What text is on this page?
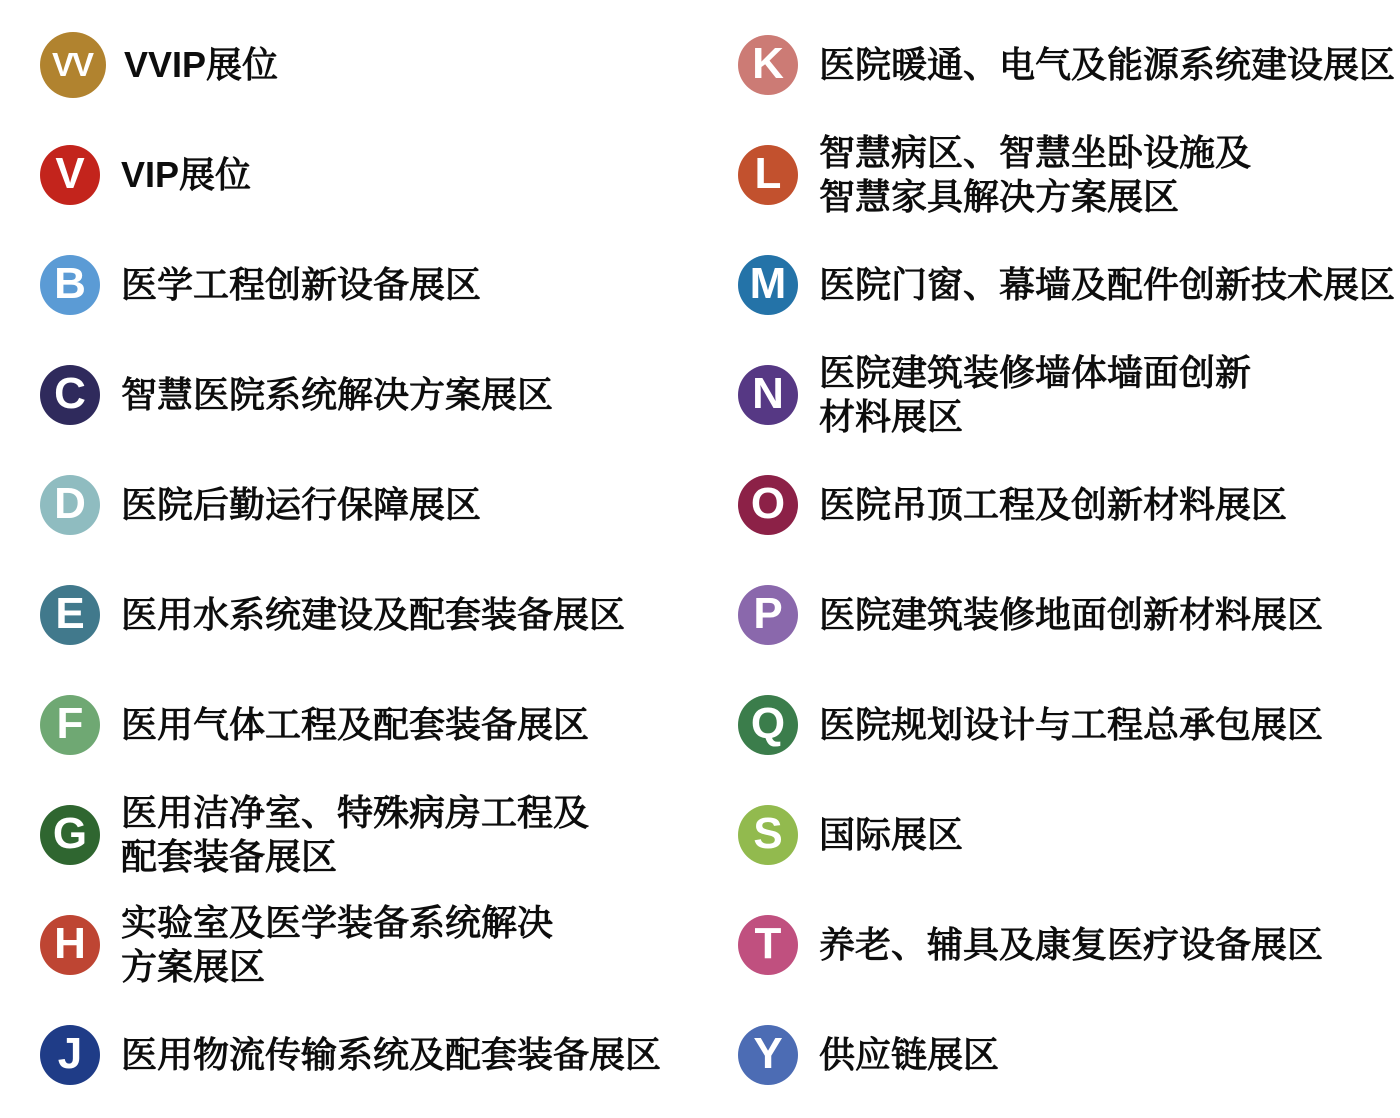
VV VVIP展位
V VIP展位
B 医学工程创新设备展区
C 智慧医院系统解决方案展区
D 医院后勤运行保障展区
E 医用水系统建设及配套装备展区
F 医用气体工程及配套装备展区
G 医用洁净室、特殊病房工程及
配套装备展区
H 实验室及医学装备系统解决
方案展区
J 医用物流传输系统及配套装备展区
K 医院暖通、电气及能源系统建设展区
L 智慧病区、智慧坐卧设施及
智慧家具解决方案展区
M 医院门窗、幕墙及配件创新技术展区
N 医院建筑装修墙体墙面创新
材料展区
O 医院吊顶工程及创新材料展区
P 医院建筑装修地面创新材料展区
Q 医院规划设计与工程总承包展区
S 国际展区
T 养老、辅具及康复医疗设备展区
Y 供应链展区
